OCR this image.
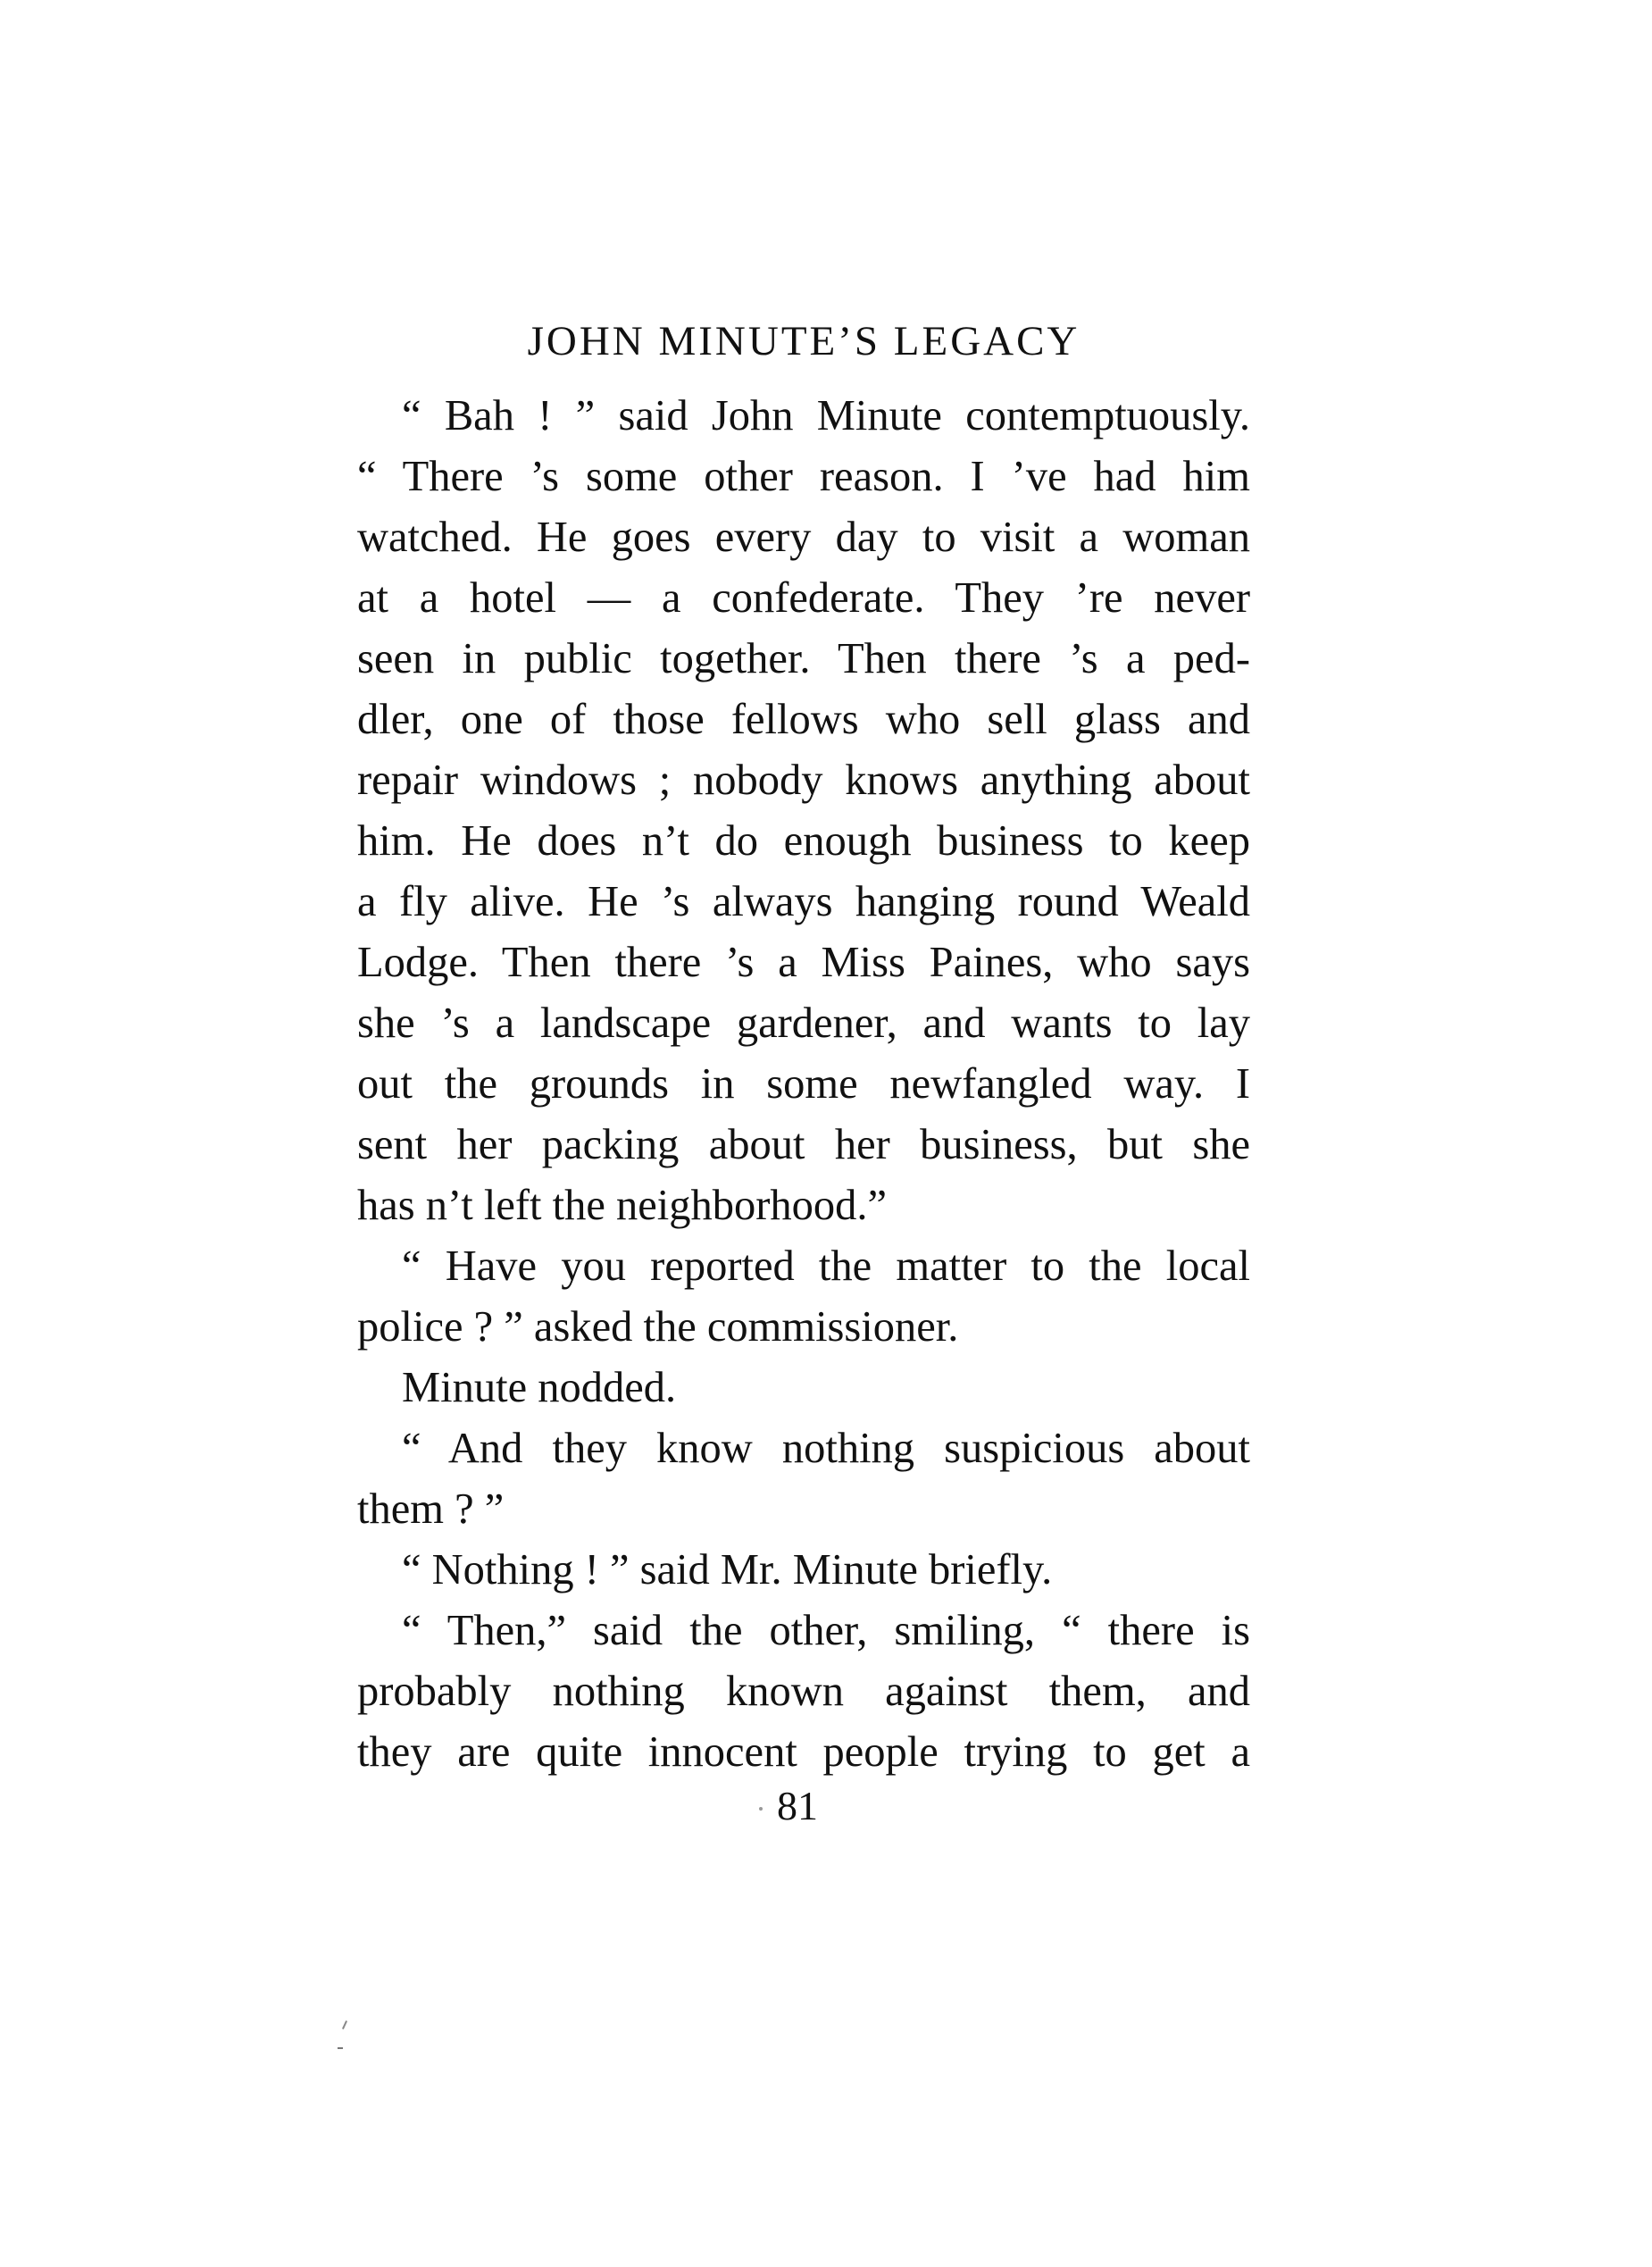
JOHN MINUTE’S LEGACY
“ Bah ! ” said John Minute contemptuously.
“ There ’s some other reason. I ’ve had him
watched. He goes every day to visit a woman
at a hotel — a confederate. They ’re never
seen in public together. Then there ’s a ped-
dler, one of those fellows who sell glass and
repair windows ; nobody knows anything about
him. He does n’t do enough business to keep
a fly alive. He ’s always hanging round Weald
Lodge. Then there ’s a Miss Paines, who says
she ’s a landscape gardener, and wants to lay
out the grounds in some newfangled way. I
sent her packing about her business, but she
has n’t left the neighborhood.”
“ Have you reported the matter to the local
police ? ” asked the commissioner.
Minute nodded.
“ And they know nothing suspicious about
them ? ”
“ Nothing ! ” said Mr. Minute briefly.
“ Then,” said the other, smiling, “ there is
probably nothing known against them, and
they are quite innocent people trying to get a
81
